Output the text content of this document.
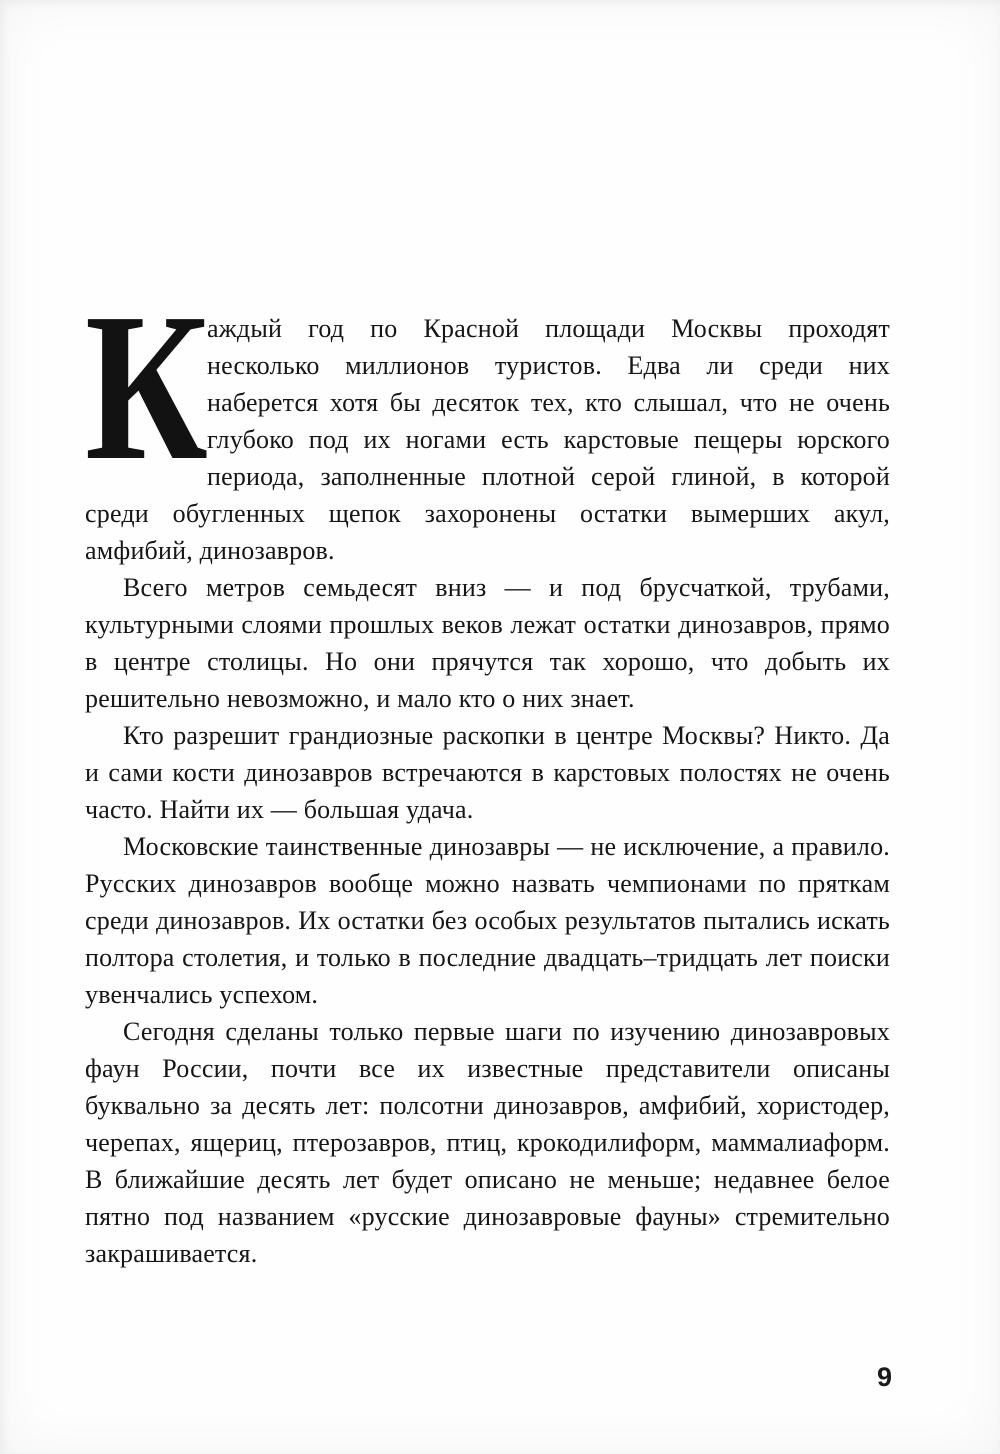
К
аждый год по Красной площади Москвы проходят несколько миллионов туристов. Едва ли среди них наберется хотя бы десяток тех, кто слышал, что не очень глубоко под их ногами есть карстовые пещеры юрского периода, заполненные плотной серой глиной, в которой среди обугленных щепок захоронены остатки вымерших акул, амфибий, динозавров.

Всего метров семьдесят вниз — и под брусчаткой, трубами, культурными слоями прошлых веков лежат остатки динозавров, прямо в центре столицы. Но они прячутся так хорошо, что добыть их решительно невозможно, и мало кто о них знает.

Кто разрешит грандиозные раскопки в центре Москвы? Никто. Да и сами кости динозавров встречаются в карстовых полостях не очень часто. Найти их — большая удача.

Московские таинственные динозавры — не исключение, а правило. Русских динозавров вообще можно назвать чемпионами по пряткам среди динозавров. Их остатки без особых результатов пытались искать полтора столетия, и только в последние двадцать–тридцать лет поиски увенчались успехом.

Сегодня сделаны только первые шаги по изучению динозавровых фаун России, почти все их известные представители описаны буквально за десять лет: полсотни динозавров, амфибий, хористодер, черепах, ящериц, птерозавров, птиц, крокодилиформ, маммалиаформ. В ближайшие десять лет будет описано не меньше; недавнее белое пятно под названием «русские динозавровые фауны» стремительно закрашивается.

9
